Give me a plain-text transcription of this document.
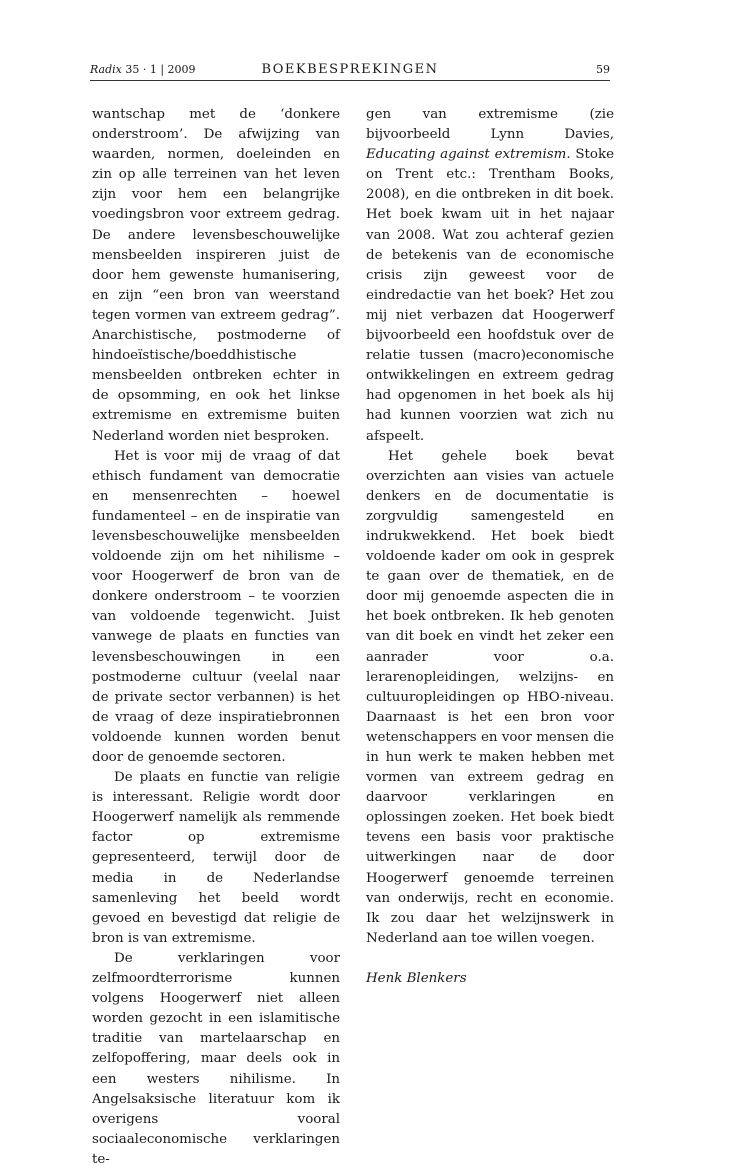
Radix 35 · 1 | 2009	BOEKBESPREKINGEN	59

wantschap met de ‘donkere onderstroom’. De afwijzing van waarden, normen, doeleinden en zin op alle terreinen van het leven zijn voor hem een belangrijke voedingsbron voor extreem gedrag. De andere levensbeschouwelijke mensbeelden inspireren juist de door hem gewenste humanisering, en zijn “een bron van weerstand tegen vormen van extreem gedrag”. Anarchistische, postmoderne of hindoeïstische/boeddhistische mensbeelden ontbreken echter in de opsomming, en ook het linkse extremisme en extremisme buiten Nederland worden niet besproken.

Het is voor mij de vraag of dat ethisch fundament van democratie en mensenrechten – hoewel fundamenteel – en de inspiratie van levensbeschouwelijke mensbeelden voldoende zijn om het nihilisme – voor Hoogerwerf de bron van de donkere onderstroom – te voorzien van voldoende tegenwicht. Juist vanwege de plaats en functies van levensbeschouwingen in een postmoderne cultuur (veelal naar de private sector verbannen) is het de vraag of deze inspiratiebronnen voldoende kunnen worden benut door de genoemde sectoren.

De plaats en functie van religie is interessant. Religie wordt door Hoogerwerf namelijk als remmende factor op extremisme gepresenteerd, terwijl door de media in de Nederlandse samenleving het beeld wordt gevoed en bevestigd dat religie de bron is van extremisme.

De verklaringen voor zelfmoordterrorisme kunnen volgens Hoogerwerf niet alleen worden gezocht in een islamitische traditie van martelaarschap en zelfopoffering, maar deels ook in een westers nihilisme. In Angelsaksische literatuur kom ik overigens vooral sociaaleconomische verklaringen te-

gen van extremisme (zie bijvoorbeeld Lynn Davies, Educating against extremism. Stoke on Trent etc.: Trentham Books, 2008), en die ontbreken in dit boek. Het boek kwam uit in het najaar van 2008. Wat zou achteraf gezien de betekenis van de economische crisis zijn geweest voor de eindredactie van het boek? Het zou mij niet verbazen dat Hoogerwerf bijvoorbeeld een hoofdstuk over de relatie tussen (macro)economische ontwikkelingen en extreem gedrag had opgenomen in het boek als hij had kunnen voorzien wat zich nu afspeelt.

Het gehele boek bevat overzichten aan visies van actuele denkers en de documentatie is zorgvuldig samengesteld en indrukwekkend. Het boek biedt voldoende kader om ook in gesprek te gaan over de thematiek, en de door mij genoemde aspecten die in het boek ontbreken. Ik heb genoten van dit boek en vindt het zeker een aanrader voor o.a. lerarenopleidingen, welzijns- en cultuuropleidingen op HBO-niveau. Daarnaast is het een bron voor wetenschappers en voor mensen die in hun werk te maken hebben met vormen van extreem gedrag en daarvoor verklaringen en oplossingen zoeken. Het boek biedt tevens een basis voor praktische uitwerkingen naar de door Hoogerwerf genoemde terreinen van onderwijs, recht en economie. Ik zou daar het welzijnswerk in Nederland aan toe willen voegen.

Henk Blenkers
